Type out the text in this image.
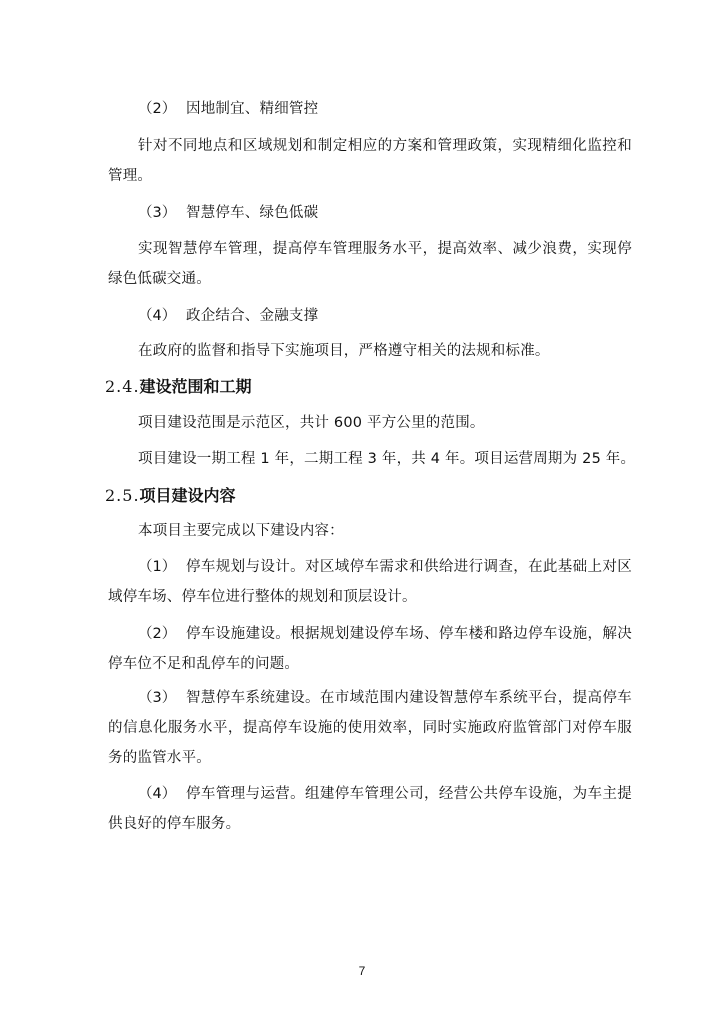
（2） 因地制宜、精细管控
针对不同地点和区域规划和制定相应的方案和管理政策，实现精细化监控和
管理。
（3） 智慧停车、绿色低碳
实现智慧停车管理，提高停车管理服务水平，提高效率、减少浪费，实现停
绿色低碳交通。
（4） 政企结合、金融支撑
在政府的监督和指导下实施项目，严格遵守相关的法规和标准。
2.4.建设范围和工期
项目建设范围是示范区，共计 600 平方公里的范围。
项目建设一期工程 1 年，二期工程 3 年，共 4 年。项目运营周期为 25 年。
2.5.项目建设内容
本项目主要完成以下建设内容：
（1） 停车规划与设计。对区域停车需求和供给进行调查，在此基础上对区
域停车场、停车位进行整体的规划和顶层设计。
（2） 停车设施建设。根据规划建设停车场、停车楼和路边停车设施，解决
停车位不足和乱停车的问题。
（3） 智慧停车系统建设。在市域范围内建设智慧停车系统平台，提高停车
的信息化服务水平，提高停车设施的使用效率，同时实施政府监管部门对停车服
务的监管水平。
（4） 停车管理与运营。组建停车管理公司，经营公共停车设施，为车主提
供良好的停车服务。
7
